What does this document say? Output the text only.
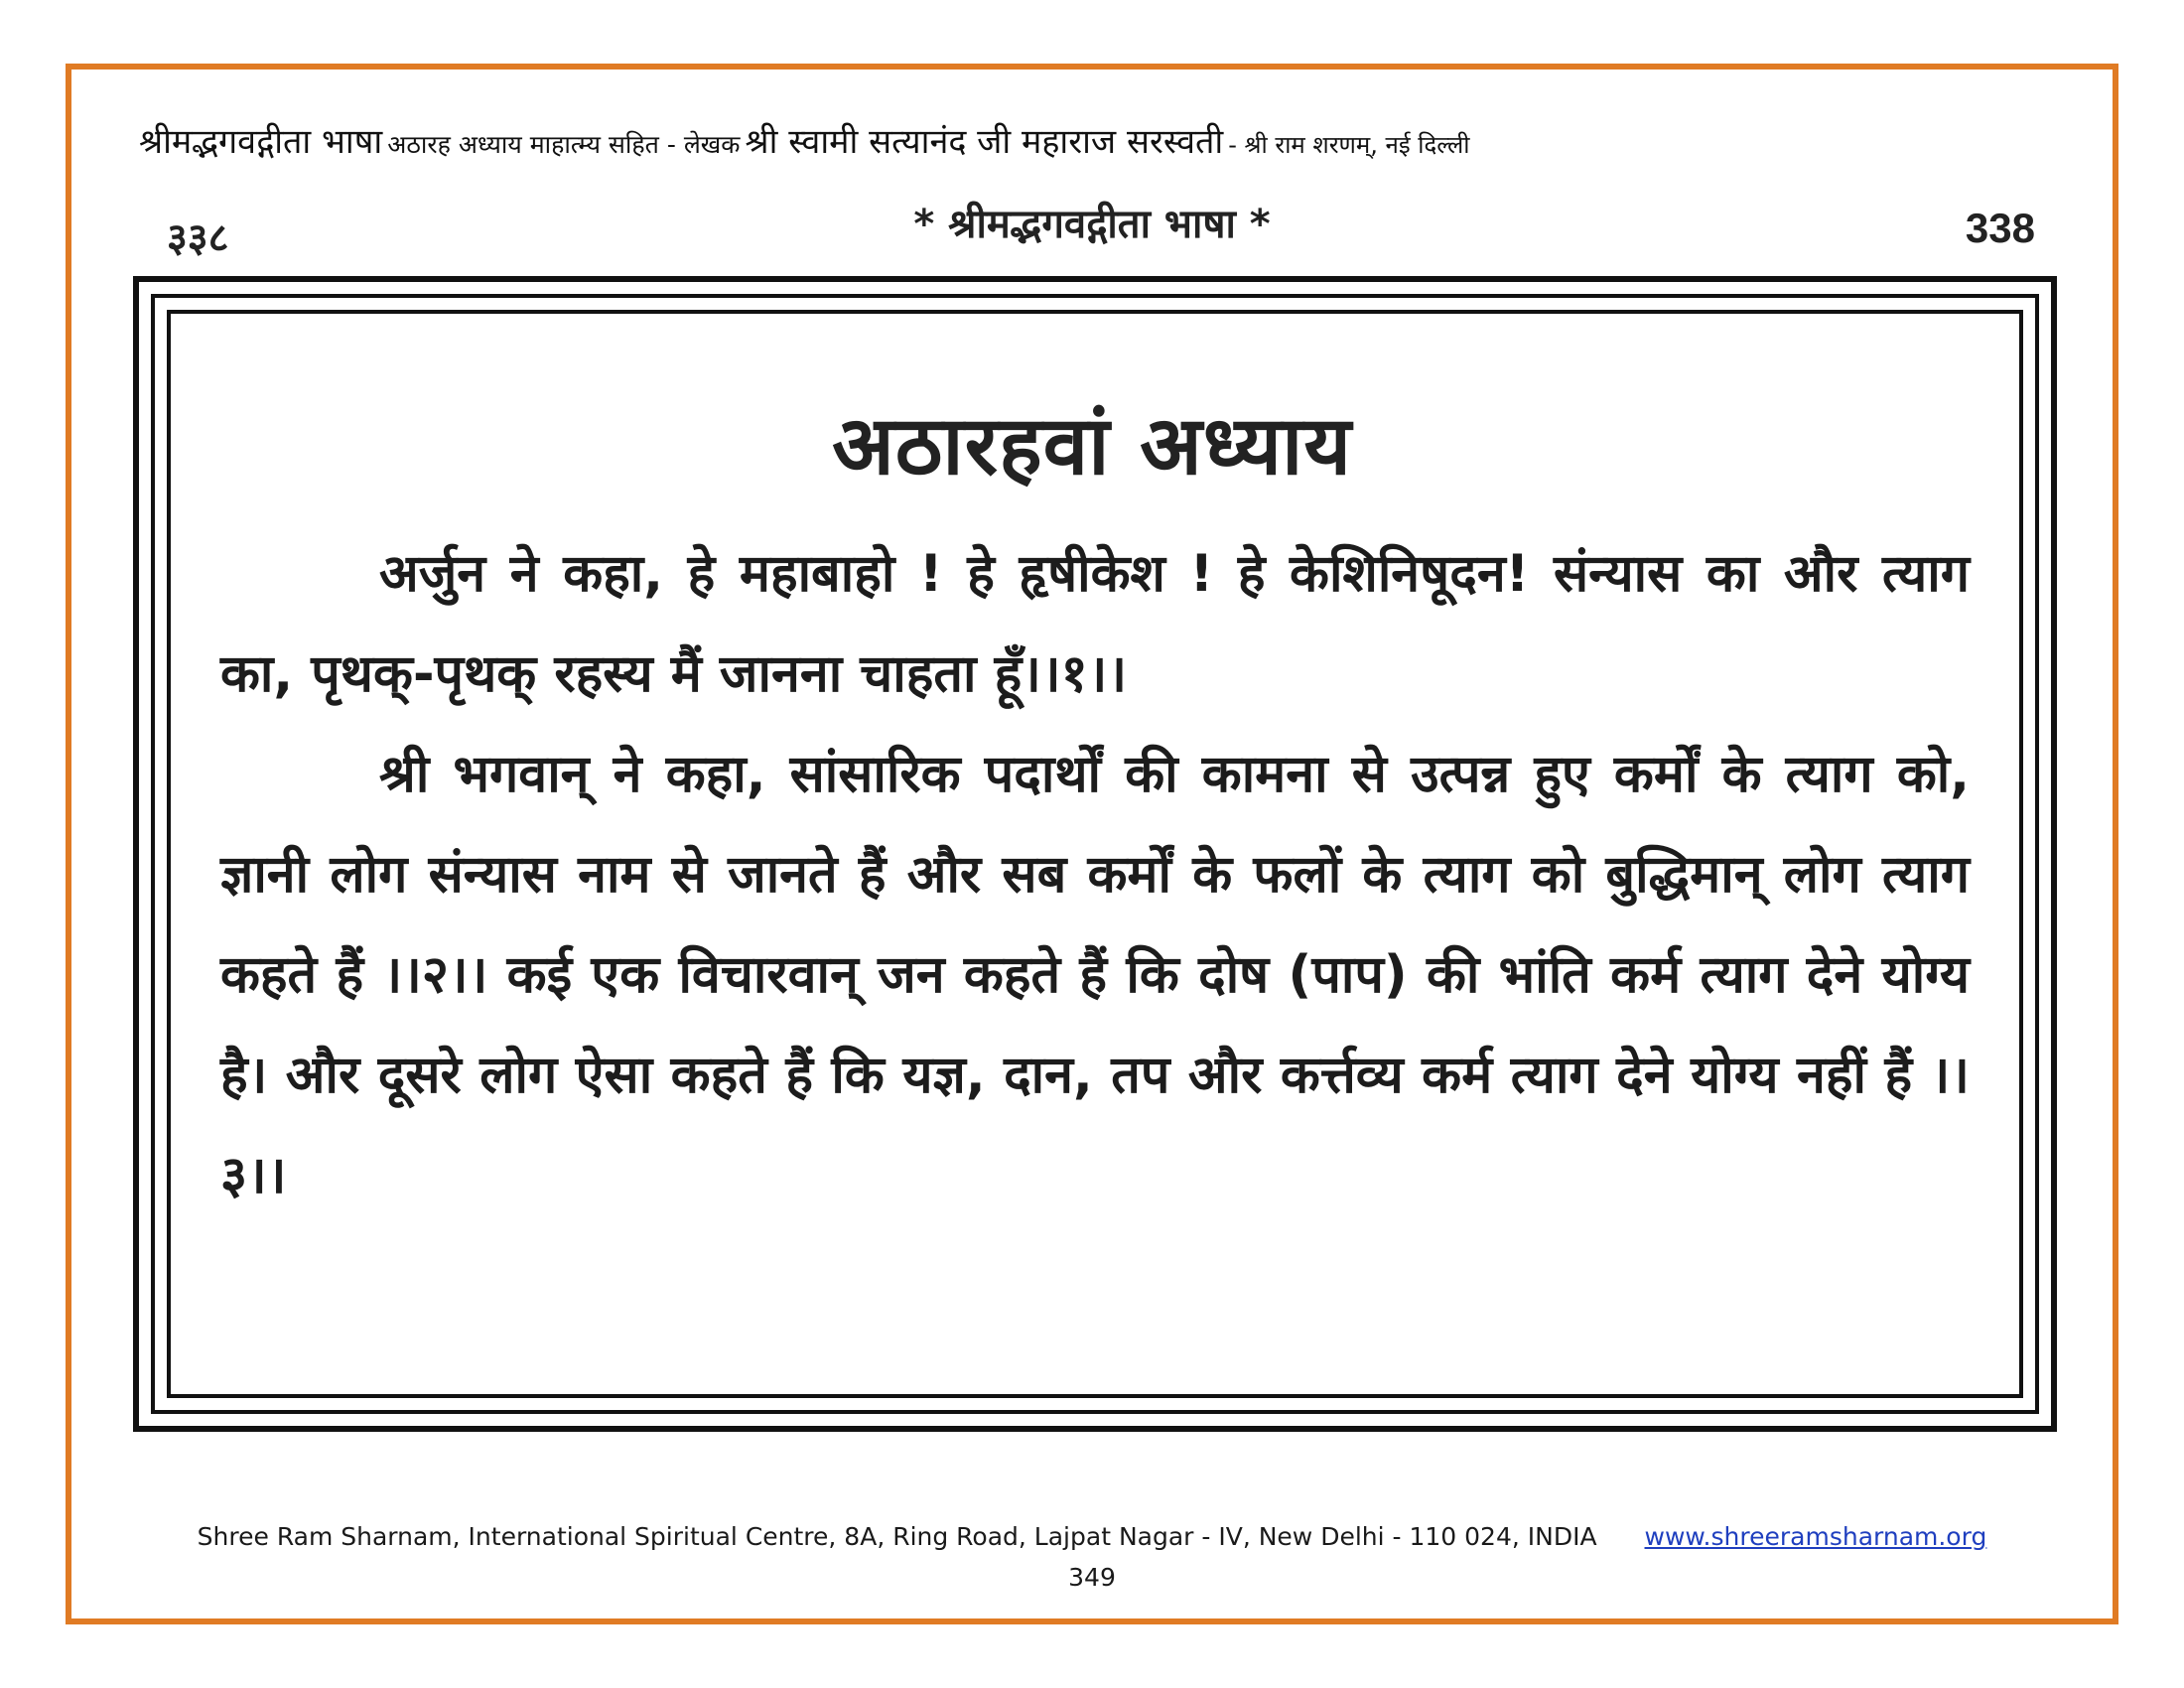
श्रीमद्भगवद्गीता भाषा अठारह अध्याय माहात्म्य सहित - लेखक श्री स्वामी सत्यानंद जी महाराज सरस्वती - श्री राम शरणम्, नई दिल्ली
३३८	* श्रीमद्भगवद्गीता भाषा *	338
अठारहवां अध्याय

अर्जुन ने कहा, हे महाबाहो ! हे हृषीकेश ! हे केशिनिषूदन! संन्यास का और त्याग का, पृथक्-पृथक् रहस्य मैं जानना चाहता हूँ।।१।।

श्री भगवान् ने कहा, सांसारिक पदार्थों की कामना से उत्पन्न हुए कर्मों के त्याग को, ज्ञानी लोग संन्यास नाम से जानते हैं और सब कर्मों के फलों के त्याग को बुद्धिमान् लोग त्याग कहते हैं ।।२।। कई एक विचारवान् जन कहते हैं कि दोष (पाप) की भांति कर्म त्याग देने योग्य है। और दूसरे लोग ऐसा कहते हैं कि यज्ञ, दान, तप और कर्त्तव्य कर्म त्याग देने योग्य नहीं हैं ।।३।।

Shree Ram Sharnam, International Spiritual Centre, 8A, Ring Road, Lajpat Nagar - IV, New Delhi - 110 024, INDIA www.shreeramsharnam.org
349
